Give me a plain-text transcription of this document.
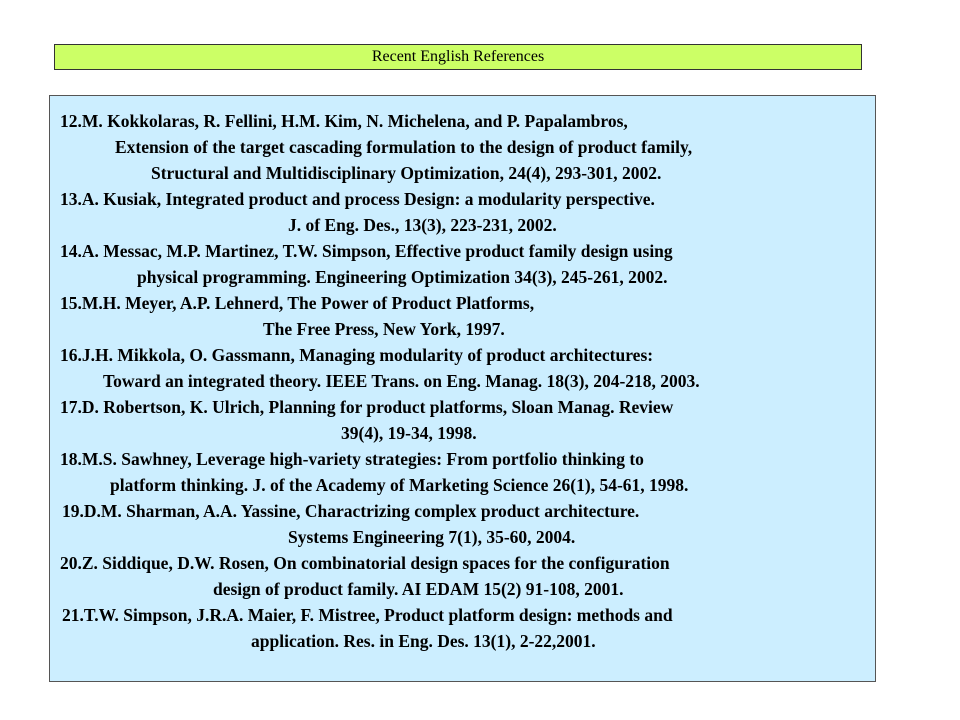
Recent English References
12.M. Kokkolaras, R. Fellini, H.M. Kim, N. Michelena, and P. Papalambros,
Extension of the target cascading formulation to the design of product family,
Structural and Multidisciplinary Optimization, 24(4), 293-301, 2002.
13.A. Kusiak, Integrated product and process Design: a modularity perspective.
J. of Eng. Des., 13(3), 223-231, 2002.
14.A. Messac, M.P. Martinez, T.W. Simpson, Effective product family design using
physical programming. Engineering Optimization 34(3), 245-261, 2002.
15.M.H. Meyer, A.P. Lehnerd, The Power of Product Platforms,
The Free Press, New York, 1997.
16.J.H. Mikkola, O. Gassmann, Managing modularity of product architectures:
Toward an integrated theory. IEEE Trans. on Eng. Manag. 18(3), 204-218, 2003.
17.D. Robertson, K. Ulrich, Planning for product platforms, Sloan Manag. Review
39(4), 19-34, 1998.
18.M.S. Sawhney, Leverage high-variety strategies: From portfolio thinking to
platform thinking. J. of the Academy of Marketing Science 26(1), 54-61, 1998.
19.D.M. Sharman, A.A. Yassine, Charactrizing complex product architecture.
Systems Engineering 7(1), 35-60, 2004.
20.Z. Siddique, D.W. Rosen, On combinatorial design spaces for the configuration
design of product family. AI EDAM 15(2) 91-108, 2001.
21.T.W. Simpson, J.R.A. Maier, F. Mistree, Product platform design: methods and
application. Res. in Eng. Des. 13(1), 2-22,2001.
